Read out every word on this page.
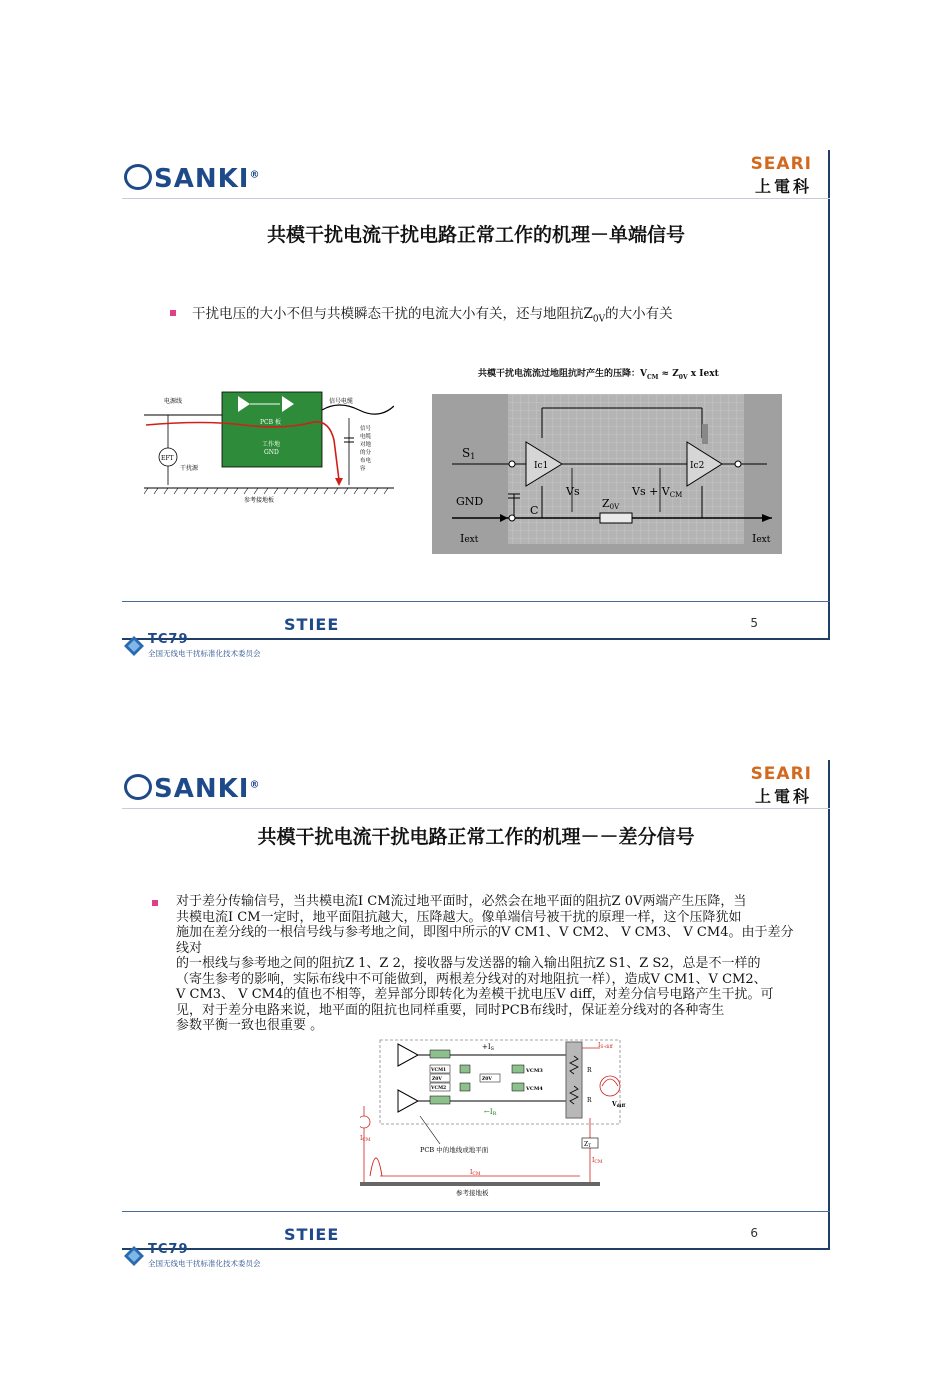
SANKI®
SEARI
上電科
共模干扰电流干扰电路正常工作的机理－单端信号
干扰电压的大小不但与共模瞬态干扰的电流大小有关，还与地阻抗$Z_{0V}$的大小有关
电源线	信号电缆
PCB 板
工作地
GND
信号
电缆
对地
的分
布电
容
EFT
干扰源
参考接地板
共模干扰电流流过地阻抗时产生的压降：$V_{CM} \approx Z_{0V}$ x Iext
Ic1	Ic2
S1
C
Vs	Vs + VCM
Z0V
GND
Iext	Iext
TC79
全国无线电干扰标准化技术委员会
STIEE	5
SANKI®
SEARI
上電科
共模干扰电流干扰电路正常工作的机理－－差分信号
对于差分传输信号，当共模电流I CM流过地平面时，必然会在地平面的阻抗Z 0V两端产生压降，当
共模电流I CM一定时，地平面阻抗越大，压降越大。像单端信号被干扰的原理一样，这个压降犹如
施加在差分线的一根信号线与参考地之间，即图中所示的V CM1、V CM2、 V CM3、 V CM4。由于差分线对
的一根线与参考地之间的阻抗Z 1、Z 2，接收器与发送器的输入输出阻抗Z S1、Z S2，总是不一样的
（寄生参考的影响，实际布线中不可能做到，两根差分线对的对地阻抗一样），造成V CM1、V CM2、
V CM3、 V CM4的值也不相等，差异部分即转化为差模干扰电压V diff，对差分信号电路产生干扰。可
见，对于差分电路来说，地平面的阻抗也同样重要，同时PCB布线时，保证差分线对的各种寄生
参数平衡一致也很重要 。
VCM3
VCM4
VCM1
VCM2
Z0V	Z0V
+IS
←IR
R
R
IS-diff
Vdiff
ICM
PCB 中的地线或地平面
ZT
ICM
ICM
参考接地板
TC79
全国无线电干扰标准化技术委员会
STIEE	6
